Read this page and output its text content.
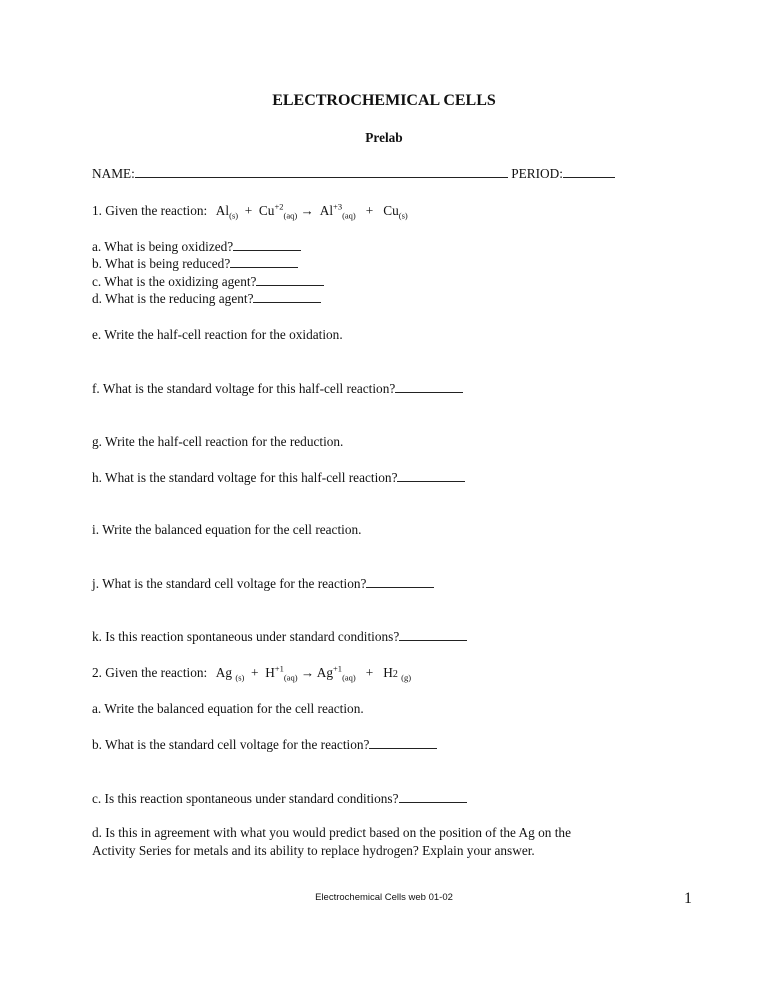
ELECTROCHEMICAL CELLS
Prelab
NAME:	PERIOD:
1. Given the reaction: $Al_{(s)} + Cu^{+2}_{(aq)} \to Al^{+3}_{(aq)} + Cu_{(s)}$
a. What is being oxidized?
b. What is being reduced?
c. What is the oxidizing agent?
d. What is the reducing agent?
e. Write the half-cell reaction for the oxidation.
f. What is the standard voltage for this half-cell reaction?
g. Write the half-cell reaction for the reduction.
h. What is the standard voltage for this half-cell reaction?
i. Write the balanced equation for the cell reaction.
j. What is the standard cell voltage for the reaction?
k. Is this reaction spontaneous under standard conditions?
2. Given the reaction: Ag $_{(s)} + H^{+1}_{(aq)} \to Ag^{+1}_{(aq)} + H2$ $_{(g)}$
a. Write the balanced equation for the cell reaction.
b. What is the standard cell voltage for the reaction?
c. Is this reaction spontaneous under standard conditions?
d. Is this in agreement with what you would predict based on the position of the Ag on the
Activity Series for metals and its ability to replace hydrogen? Explain your answer.
Electrochemical Cells web 01-02	1
